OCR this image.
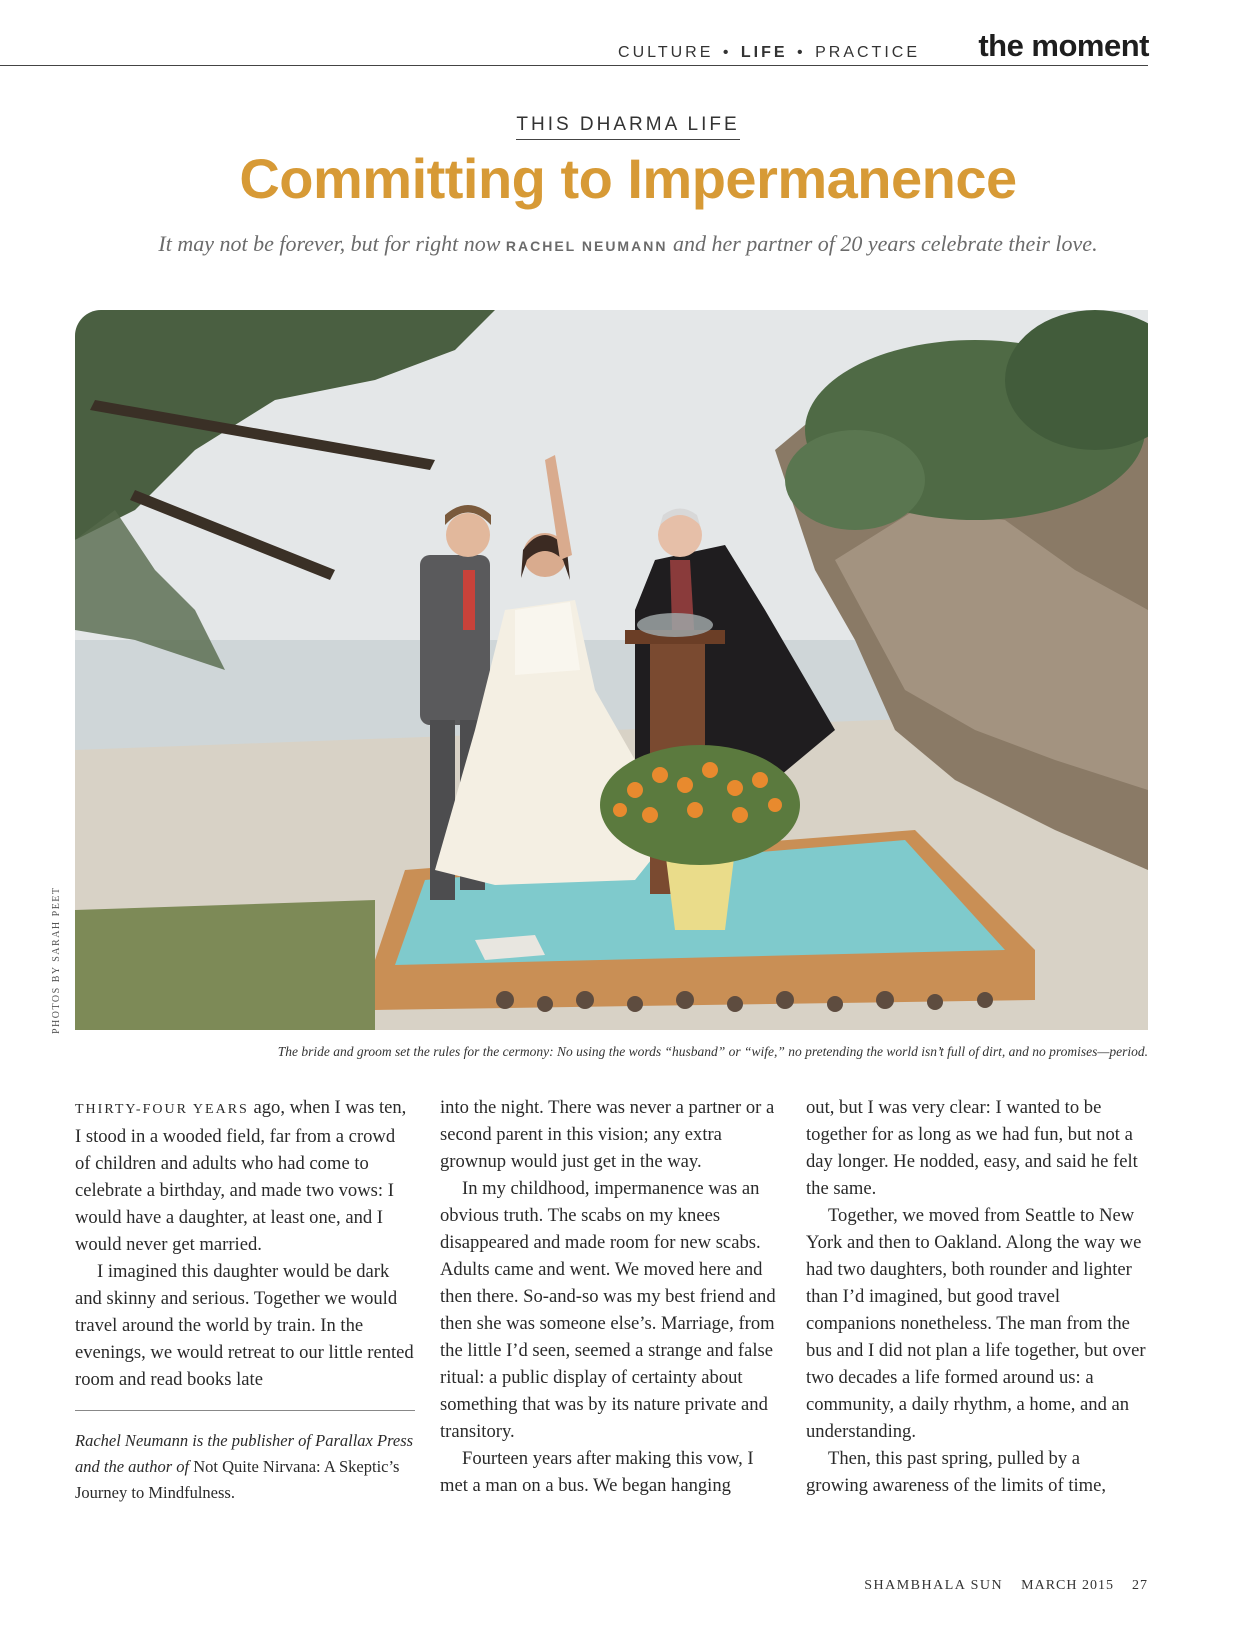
CULTURE • LIFE • PRACTICE the moment
THIS DHARMA LIFE
Committing to Impermanence
It may not be forever, but for right now RACHEL NEUMANN and her partner of 20 years celebrate their love.
PHOTOS BY SARAH PEET
The bride and groom set the rules for the cermony: No using the words “husband” or “wife,” no pretending the world isn’t full of dirt, and no promises—period.

THIRTY-FOUR YEARS ago, when I was ten, I stood in a wooded field, far from a crowd of children and adults who had come to celebrate a birthday, and made two vows: I would have a daughter, at least one, and I would never get married.

I imagined this daughter would be dark and skinny and serious. Together we would travel around the world by train. In the evenings, we would retreat to our little rented room and read books late

Rachel Neumann is the publisher of Parallax Press and the author of Not Quite Nirvana: A Skeptic’s Journey to Mindfulness.

into the night. There was never a partner or a second parent in this vision; any extra grownup would just get in the way.

In my childhood, impermanence was an obvious truth. The scabs on my knees disappeared and made room for new scabs. Adults came and went. We moved here and then there. So-and-so was my best friend and then she was someone else’s. Marriage, from the little I’d seen, seemed a strange and false ritual: a public display of certainty about something that was by its nature private and transitory.

Fourteen years after making this vow, I met a man on a bus. We began hanging

out, but I was very clear: I wanted to be together for as long as we had fun, but not a day longer. He nodded, easy, and said he felt the same.

Together, we moved from Seattle to New York and then to Oakland. Along the way we had two daughters, both rounder and lighter than I’d imagined, but good travel companions nonetheless. The man from the bus and I did not plan a life together, but over two decades a life formed around us: a community, a daily rhythm, a home, and an understanding.

Then, this past spring, pulled by a growing awareness of the limits of time,

SHAMBHALA SUN MARCH 2015 27
